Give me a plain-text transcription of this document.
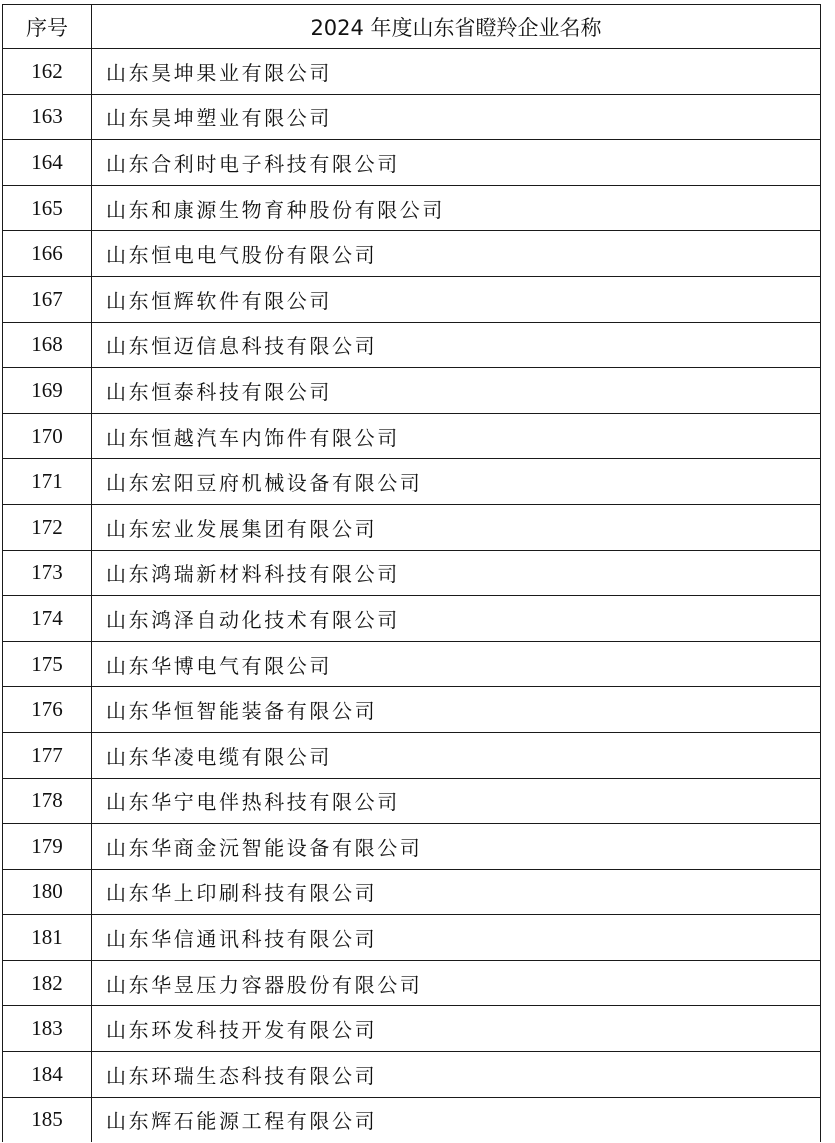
序号	2024 年度山东省瞪羚企业名称
162	山东昊坤果业有限公司
163	山东昊坤塑业有限公司
164	山东合利时电子科技有限公司
165	山东和康源生物育种股份有限公司
166	山东恒电电气股份有限公司
167	山东恒辉软件有限公司
168	山东恒迈信息科技有限公司
169	山东恒泰科技有限公司
170	山东恒越汽车内饰件有限公司
171	山东宏阳豆府机械设备有限公司
172	山东宏业发展集团有限公司
173	山东鸿瑞新材料科技有限公司
174	山东鸿泽自动化技术有限公司
175	山东华博电气有限公司
176	山东华恒智能装备有限公司
177	山东华凌电缆有限公司
178	山东华宁电伴热科技有限公司
179	山东华商金沅智能设备有限公司
180	山东华上印刷科技有限公司
181	山东华信通讯科技有限公司
182	山东华昱压力容器股份有限公司
183	山东环发科技开发有限公司
184	山东环瑞生态科技有限公司
185	山东辉石能源工程有限公司
